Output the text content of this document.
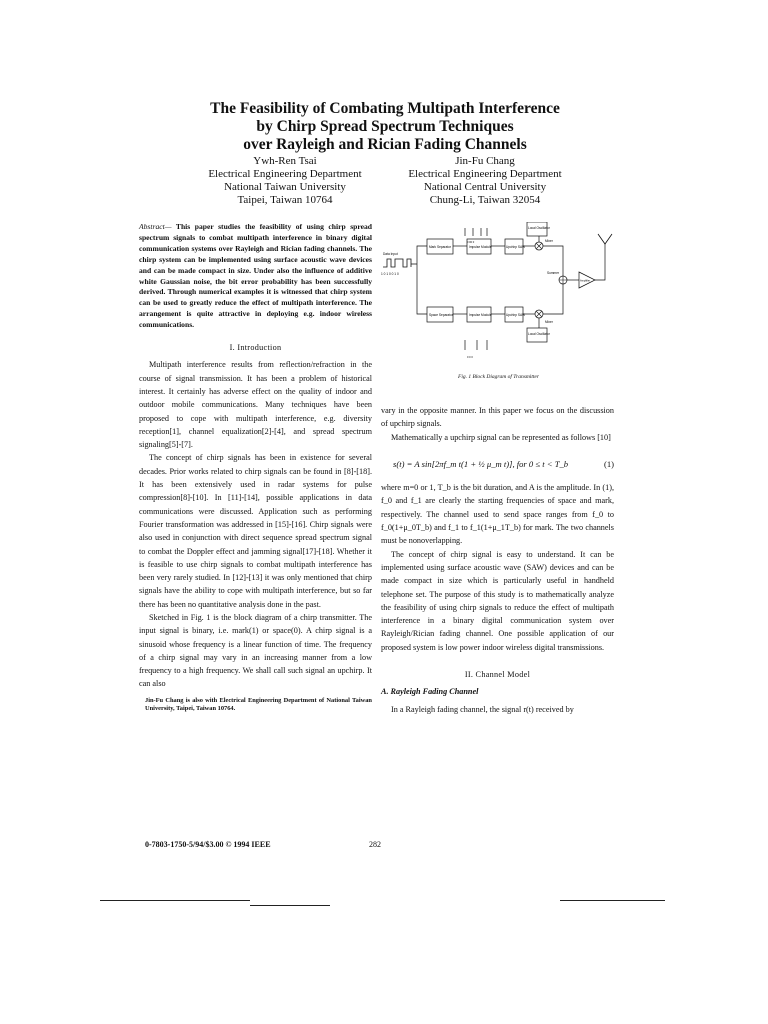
The Feasibility of Combating Multipath Interference
by Chirp Spread Spectrum Techniques
over Rayleigh and Rician Fading Channels
Ywh-Ren Tsai
Electrical Engineering Department
National Taiwan University
Taipei, Taiwan 10764
Jin-Fu Chang
Electrical Engineering Department
National Central University
Chung-Li, Taiwan 32054
Abstract— This paper studies the feasibility of using chirp spread spectrum signals to combat multipath interference in binary digital communication systems over Rayleigh and Rician fading channels. The chirp system can be implemented using surface acoustic wave devices and can be made compact in size. Under also the influence of additive white Gaussian noise, the bit error probability has been successfully derived. Through numerical examples it is witnessed that chirp system can be used to greatly reduce the effect of multipath interference. The arrangement is quite attractive in deploying e.g. indoor wireless communications.
I. Introduction

Multipath interference results from reflection/refraction in the course of signal transmission. It has been a problem of historical interest. It certainly has adverse effect on the quality of indoor and outdoor mobile communications. Many techniques have been proposed to cope with multipath interference, e.g. diversity reception[1], channel equalization[2]-[4], and spread spectrum signaling[5]-[7].

The concept of chirp signals has been in existence for several decades. Prior works related to chirp signals can be found in [8]-[18]. It has been extensively used in radar systems for pulse compression[8]-[10]. In [11]-[14], possible applications in data communications were discussed. Application such as performing Fourier transformation was addressed in [15]-[16]. Chirp signals were also used in conjunction with direct sequence spread spectrum signal to combat the Doppler effect and jamming signal[17]-[18]. Whether it is feasible to use chirp signals to combat multipath interference has been very rarely studied. In [12]-[13] it was only mentioned that chirp signals have the ability to cope with multipath interference, but so far there has been no quantitative analysis done in the past.

Sketched in Fig. 1 is the block diagram of a chirp transmitter. The input signal is binary, i.e. mark(1) or space(0). A chirp signal is a sinusoid whose frequency is a linear function of time. The frequency of a chirp signal may vary in an increasing manner from a low frequency to a high frequency. We shall call such signal an upchirp. It can also

Jin-Fu Chang is also with Electrical Engineering Department of National Taiwan University, Taipei, Taiwan 10764.
Data Input
1 0 1 0 0 1 0
Mark Separator	Impulse Module	Upchirp SAW
Mixer
Local Oscillator
0 00 0
Space Separator	Impulse Module	Upchirp SAW
Mixer
Local Oscillator
0 0 0
Summer
Amplifier
Fig. 1 Block Diagram of Transmitter

vary in the opposite manner. In this paper we focus on the discussion of upchirp signals.

Mathematically a upchirp signal can be represented as follows [10]

s(t) = A sin[2πf_m t(1 + ½ μ_m t)], for 0 ≤ t < T_b	(1)

where m=0 or 1, T_b is the bit duration, and A is the amplitude. In (1), f_0 and f_1 are clearly the starting frequencies of space and mark, respectively. The channel used to send space ranges from f_0 to f_0(1+μ_0T_b) and f_1 to f_1(1+μ_1T_b) for mark. The two channels must be nonoverlapping.

The concept of chirp signal is easy to understand. It can be implemented using surface acoustic wave (SAW) devices and can be made compact in size which is particularly useful in handheld telephone set. The purpose of this study is to mathematically analyze the feasibility of using chirp signals to reduce the effect of multipath interference in a binary digital communication system over Rayleigh/Rician fading channel. One possible application of our proposed system is low power indoor wireless digital transmissions.

II. Channel Model
A. Rayleigh Fading Channel

In a Rayleigh fading channel, the signal r(t) received by

0-7803-1750-5/94/$3.00 © 1994 IEEE	282
